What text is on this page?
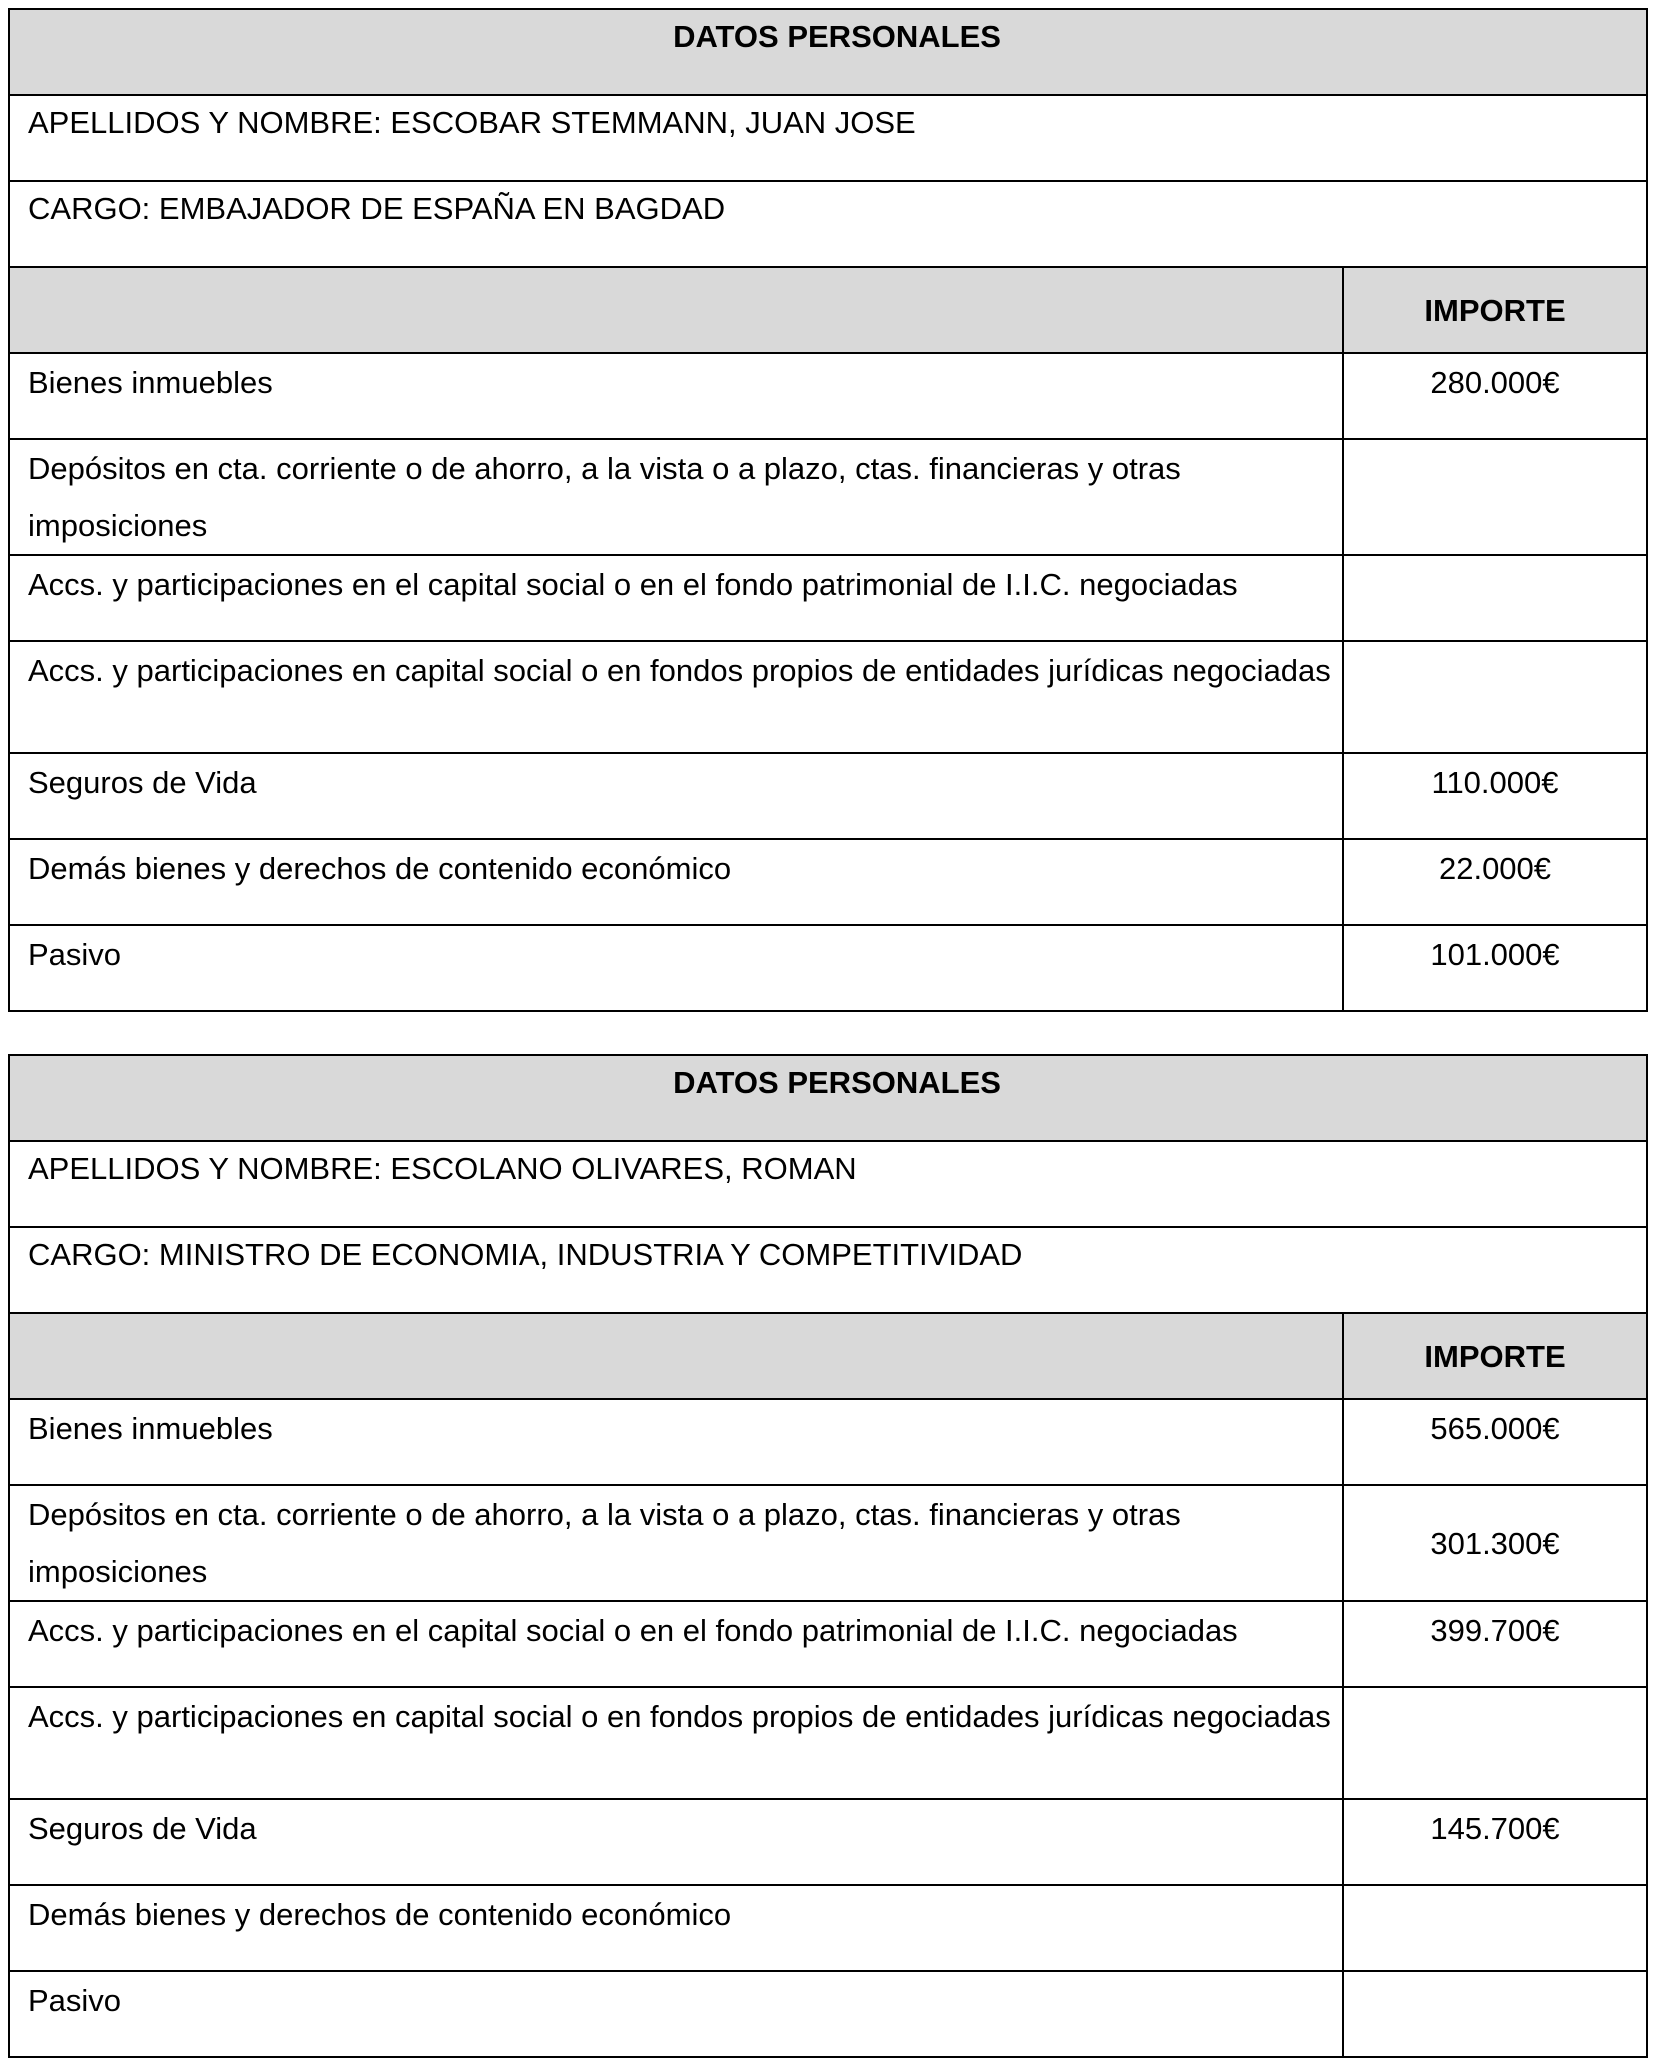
DATOS PERSONALES	
APELLIDOS Y NOMBRE: ESCOBAR STEMMANN, JUAN JOSE	
CARGO: EMBAJADOR DE ESPAÑA EN BAGDAD	
	IMPORTE
Bienes inmuebles	280.000€
Depósitos en cta. corriente o de ahorro, a la vista o a plazo, ctas. financieras y otras imposiciones	
Accs. y participaciones en el capital social o en el fondo patrimonial de I.I.C. negociadas	
Accs. y participaciones en capital social o en fondos propios de entidades jurídicas negociadas	
Seguros de Vida	110.000€
Demás bienes y derechos de contenido económico	22.000€
Pasivo	101.000€
DATOS PERSONALES	
APELLIDOS Y NOMBRE: ESCOLANO OLIVARES, ROMAN	
CARGO: MINISTRO DE ECONOMIA, INDUSTRIA Y COMPETITIVIDAD	
	IMPORTE
Bienes inmuebles	565.000€
Depósitos en cta. corriente o de ahorro, a la vista o a plazo, ctas. financieras y otras imposiciones	301.300€
Accs. y participaciones en el capital social o en el fondo patrimonial de I.I.C. negociadas	399.700€
Accs. y participaciones en capital social o en fondos propios de entidades jurídicas negociadas	
Seguros de Vida	145.700€
Demás bienes y derechos de contenido económico	
Pasivo	
